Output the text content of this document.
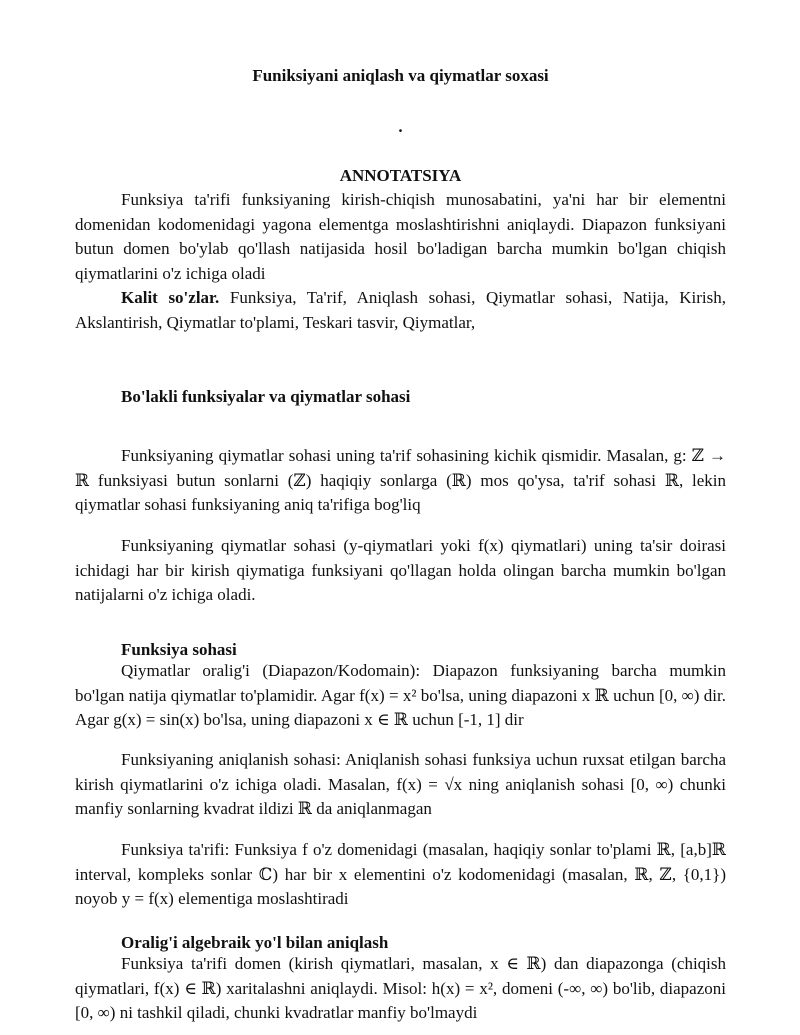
Funiksiyani aniqlash va qiymatlar soxasi
.
ANNOTATSIYA

Funksiya ta'rifi funksiyaning kirish-chiqish munosabatini, ya'ni har bir elementni domenidan kodomenidagi yagona elementga moslashtirishni aniqlaydi. Diapazon funksiyani butun domen bo'ylab qo'llash natijasida hosil bo'ladigan barcha mumkin bo'lgan chiqish qiymatlarini o'z ichiga oladi

Kalit so'zlar. Funksiya, Ta'rif, Aniqlash sohasi, Qiymatlar sohasi, Natija, Kirish, Akslantirish, Qiymatlar to'plami, Teskari tasvir, Qiymatlar,

Bo'lakli funksiyalar va qiymatlar sohasi

Funksiyaning qiymatlar sohasi uning ta'rif sohasining kichik qismidir. Masalan, g: ℤ → ℝ funksiyasi butun sonlarni (ℤ) haqiqiy sonlarga (ℝ) mos qo'ysa, ta'rif sohasi ℝ, lekin qiymatlar sohasi funksiyaning aniq ta'rifiga bog'liq

Funksiyaning qiymatlar sohasi (y-qiymatlari yoki f(x) qiymatlari) uning ta'sir doirasi ichidagi har bir kirish qiymatiga funksiyani qo'llagan holda olingan barcha mumkin bo'lgan natijalarni o'z ichiga oladi.

Funksiya sohasi

Qiymatlar oralig'i (Diapazon/Kodomain): Diapazon funksiyaning barcha mumkin bo'lgan natija qiymatlar to'plamidir. Agar f(x) = x² bo'lsa, uning diapazoni x ℝ uchun [0, ∞) dir. Agar g(x) = sin(x) bo'lsa, uning diapazoni x ∈ ℝ uchun [-1, 1] dir

Funksiyaning aniqlanish sohasi: Aniqlanish sohasi funksiya uchun ruxsat etilgan barcha kirish qiymatlarini o'z ichiga oladi. Masalan, f(x) = √x ning aniqlanish sohasi [0, ∞) chunki manfiy sonlarning kvadrat ildizi ℝ da aniqlanmagan

Funksiya ta'rifi: Funksiya f o'z domenidagi (masalan, haqiqiy sonlar to'plami ℝ, [a,b]ℝ interval, kompleks sonlar ℂ) har bir x elementini o'z kodomenidagi (masalan, ℝ, ℤ, {0,1}) noyob y = f(x) elementiga moslashtiradi

Oralig'i algebraik yo'l bilan aniqlash

Funksiya ta'rifi domen (kirish qiymatlari, masalan, x ∈ ℝ) dan diapazonga (chiqish qiymatlari, f(x) ∈ ℝ) xaritalashni aniqlaydi. Misol: h(x) = x², domeni (-∞, ∞) bo'lib, diapazoni [0, ∞) ni tashkil qiladi, chunki kvadratlar manfiy bo'lmaydi
